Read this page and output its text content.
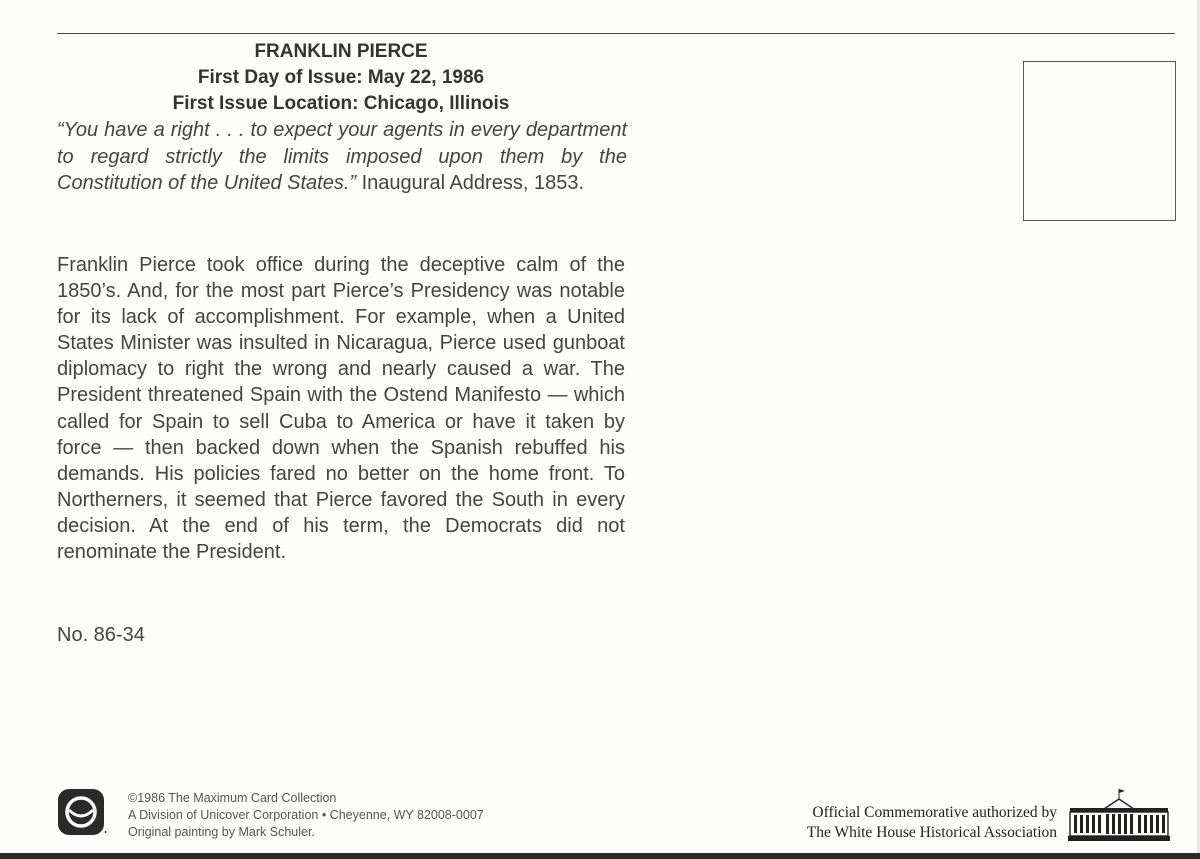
FRANKLIN PIERCE
First Day of Issue: May 22, 1986
First Issue Location: Chicago, Illinois
“You have a right . . . to expect your agents in every department to regard strictly the limits imposed upon them by the Constitution of the United States.” Inaugural Address, 1853.
Franklin Pierce took office during the deceptive calm of the 1850’s. And, for the most part Pierce’s Presidency was notable for its lack of accomplishment. For example, when a United States Minister was insulted in Nicaragua, Pierce used gunboat diplomacy to right the wrong and nearly caused a war. The President threatened Spain with the Ostend Manifesto — which called for Spain to sell Cuba to America or have it taken by force — then backed down when the Spanish rebuffed his demands. His policies fared no better on the home front. To Northerners, it seemed that Pierce favored the South in every decision. At the end of his term, the Democrats did not renominate the President.
No. 86-34
©1986 The Maximum Card Collection
A Division of Unicover Corporation • Cheyenne, WY 82008-0007
Original painting by Mark Schuler.
Official Commemorative authorized by
The White House Historical Association
